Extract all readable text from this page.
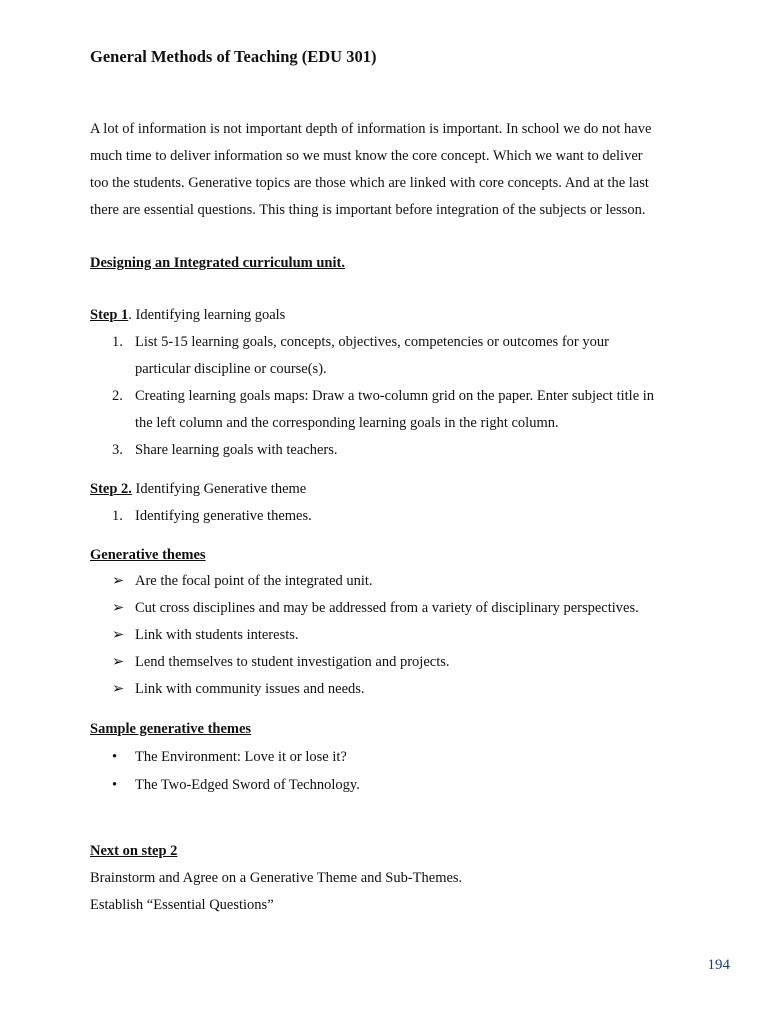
General Methods of Teaching (EDU 301)

A lot of information is not important depth of information is important. In school we do not have
much time to deliver information so we must know the core concept. Which we want to deliver
too the students. Generative topics are those which are linked with core concepts. And at the last
there are essential questions. This thing is important before integration of the subjects or lesson.

Designing an Integrated curriculum unit.

Step 1. Identifying learning goals

1. List 5-15 learning goals, concepts, objectives, competencies or outcomes for your
particular discipline or course(s).
2. Creating learning goals maps: Draw a two-column grid on the paper. Enter subject title in
the left column and the corresponding learning goals in the right column.
3. Share learning goals with teachers.

Step 2. Identifying Generative theme

1. Identifying generative themes.

Generative themes

➢ Are the focal point of the integrated unit.
➢ Cut cross disciplines and may be addressed from a variety of disciplinary perspectives.
➢ Link with students interests.
➢ Lend themselves to student investigation and projects.
➢ Link with community issues and needs.

Sample generative themes

• The Environment: Love it or lose it?
• The Two-Edged Sword of Technology.

Next on step 2

Brainstorm and Agree on a Generative Theme and Sub-Themes.

Establish “Essential Questions”

194
